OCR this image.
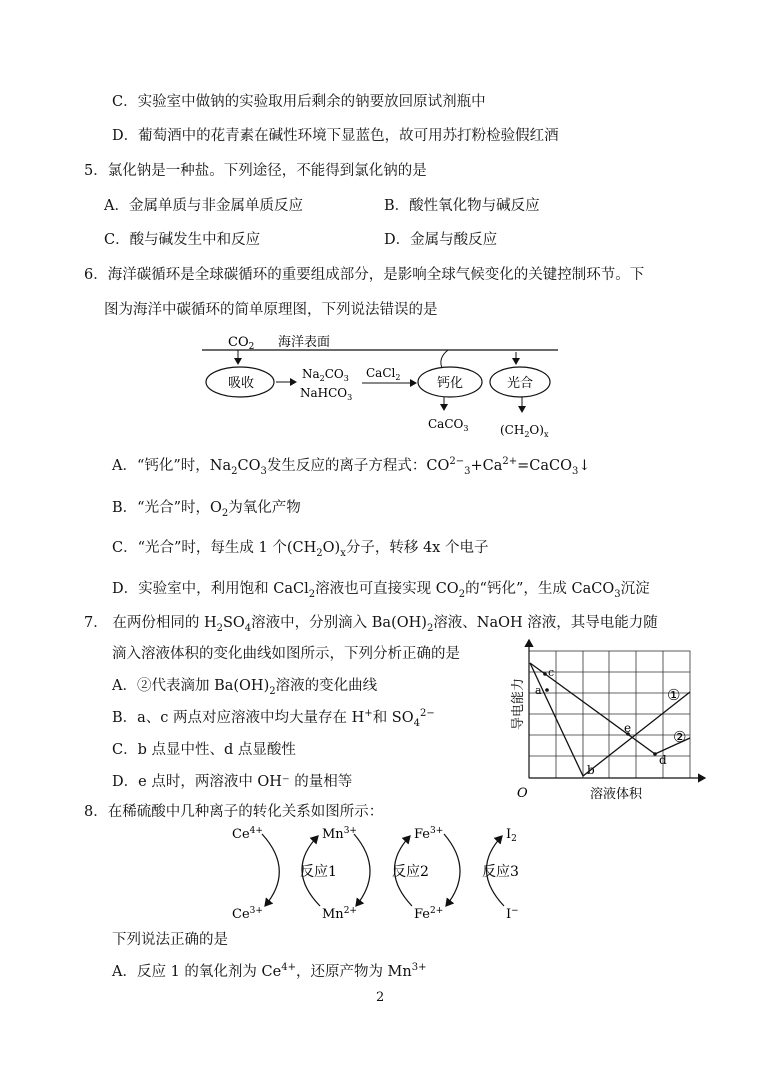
C．实验室中做钠的实验取用后剩余的钠要放回原试剂瓶中
D．葡萄酒中的花青素在碱性环境下显蓝色，故可用苏打粉检验假红酒
5．氯化钠是一种盐。下列途径，不能得到氯化钠的是
A．金属单质与非金属单质反应	B．酸性氧化物与碱反应
C．酸与碱发生中和反应	D．金属与酸反应
6．海洋碳循环是全球碳循环的重要组成部分，是影响全球气候变化的关键控制环节。下
图为海洋中碳循环的简单原理图，下列说法错误的是
$CO_2$ 海洋表面
吸收
$Na_2CO_3$
NaHCO$_3$
CaCl$_2$	钙化
CaCO$_3$
光合
$(CH_2O)_x$
A．“钙化”时，$Na_2CO_3$发生反应的离子方程式：$CO^{2-}_3+Ca^{2+}=CaCO_3↓$
B．“光合”时，$O_2$为氧化产物
C．“光合”时，每生成 1 个$(CH_2O)_x$分子，转移 4x 个电子
D．实验室中，利用饱和 CaCl$_2$溶液也可直接实现 $CO_2$的“钙化”，生成 CaCO$_3$沉淀
7． 在两份相同的 $H_2SO_4$溶液中，分别滴入 $Ba(OH)_2$溶液、NaOH 溶液，其导电能力随
滴入溶液体积的变化曲线如图所示，下列分析正确的是
A．②代表滴加 $Ba(OH)_2$溶液的变化曲线
B．a、c 两点对应溶液中均大量存在 H+和 $SO_4^{2-}$
C．b 点显中性、d 点显酸性
D．e 点时，两溶液中 OH⁻ 的量相等
a
c
b
e
d
①
②
O	溶液体积
导电能力
8．在稀硫酸中几种离子的转化关系如图所示：
$Ce^{4+}$	$Mn^{3+}$	$Fe^{3+}$	$I_2$
$Ce^{3+}$	$Mn^{2+}$	$Fe^{2+}$	I−
反应1	反应2	反应3
下列说法正确的是
A．反应 1 的氧化剂为 $Ce^{4+}$，还原产物为 $Mn^{3+}$
2
